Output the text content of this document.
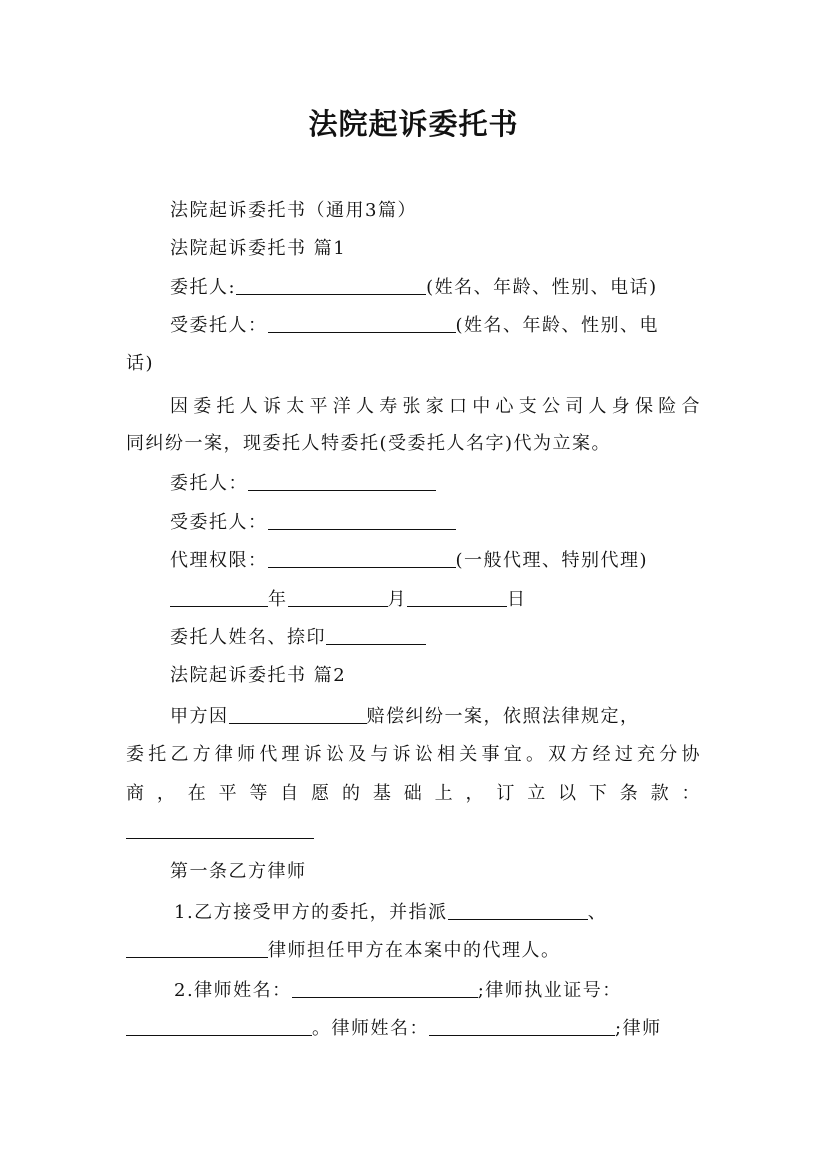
法院起诉委托书
法院起诉委托书（通用3篇）
法院起诉委托书 篇1
委托人:	(姓名、年龄、性别、电话)
受委托人：	(姓名、年龄、性别、电
话)
因委托人诉太平洋人寿张家口中心支公司人身保险合
同纠纷一案，现委托人特委托(受委托人名字)代为立案。
委托人：
受委托人：
代理权限：	(一般代理、特别代理)
年	月	日
委托人姓名、捺印
法院起诉委托书 篇2
甲方因	赔偿纠纷一案，依照法律规定，
委托乙方律师代理诉讼及与诉讼相关事宜。双方经过充分协
商，在平等自愿的基础上，订立以下条款：
第一条乙方律师
1.乙方接受甲方的委托，并指派	、
律师担任甲方在本案中的代理人。
2.律师姓名：	;律师执业证号：
。律师姓名：	;律师
